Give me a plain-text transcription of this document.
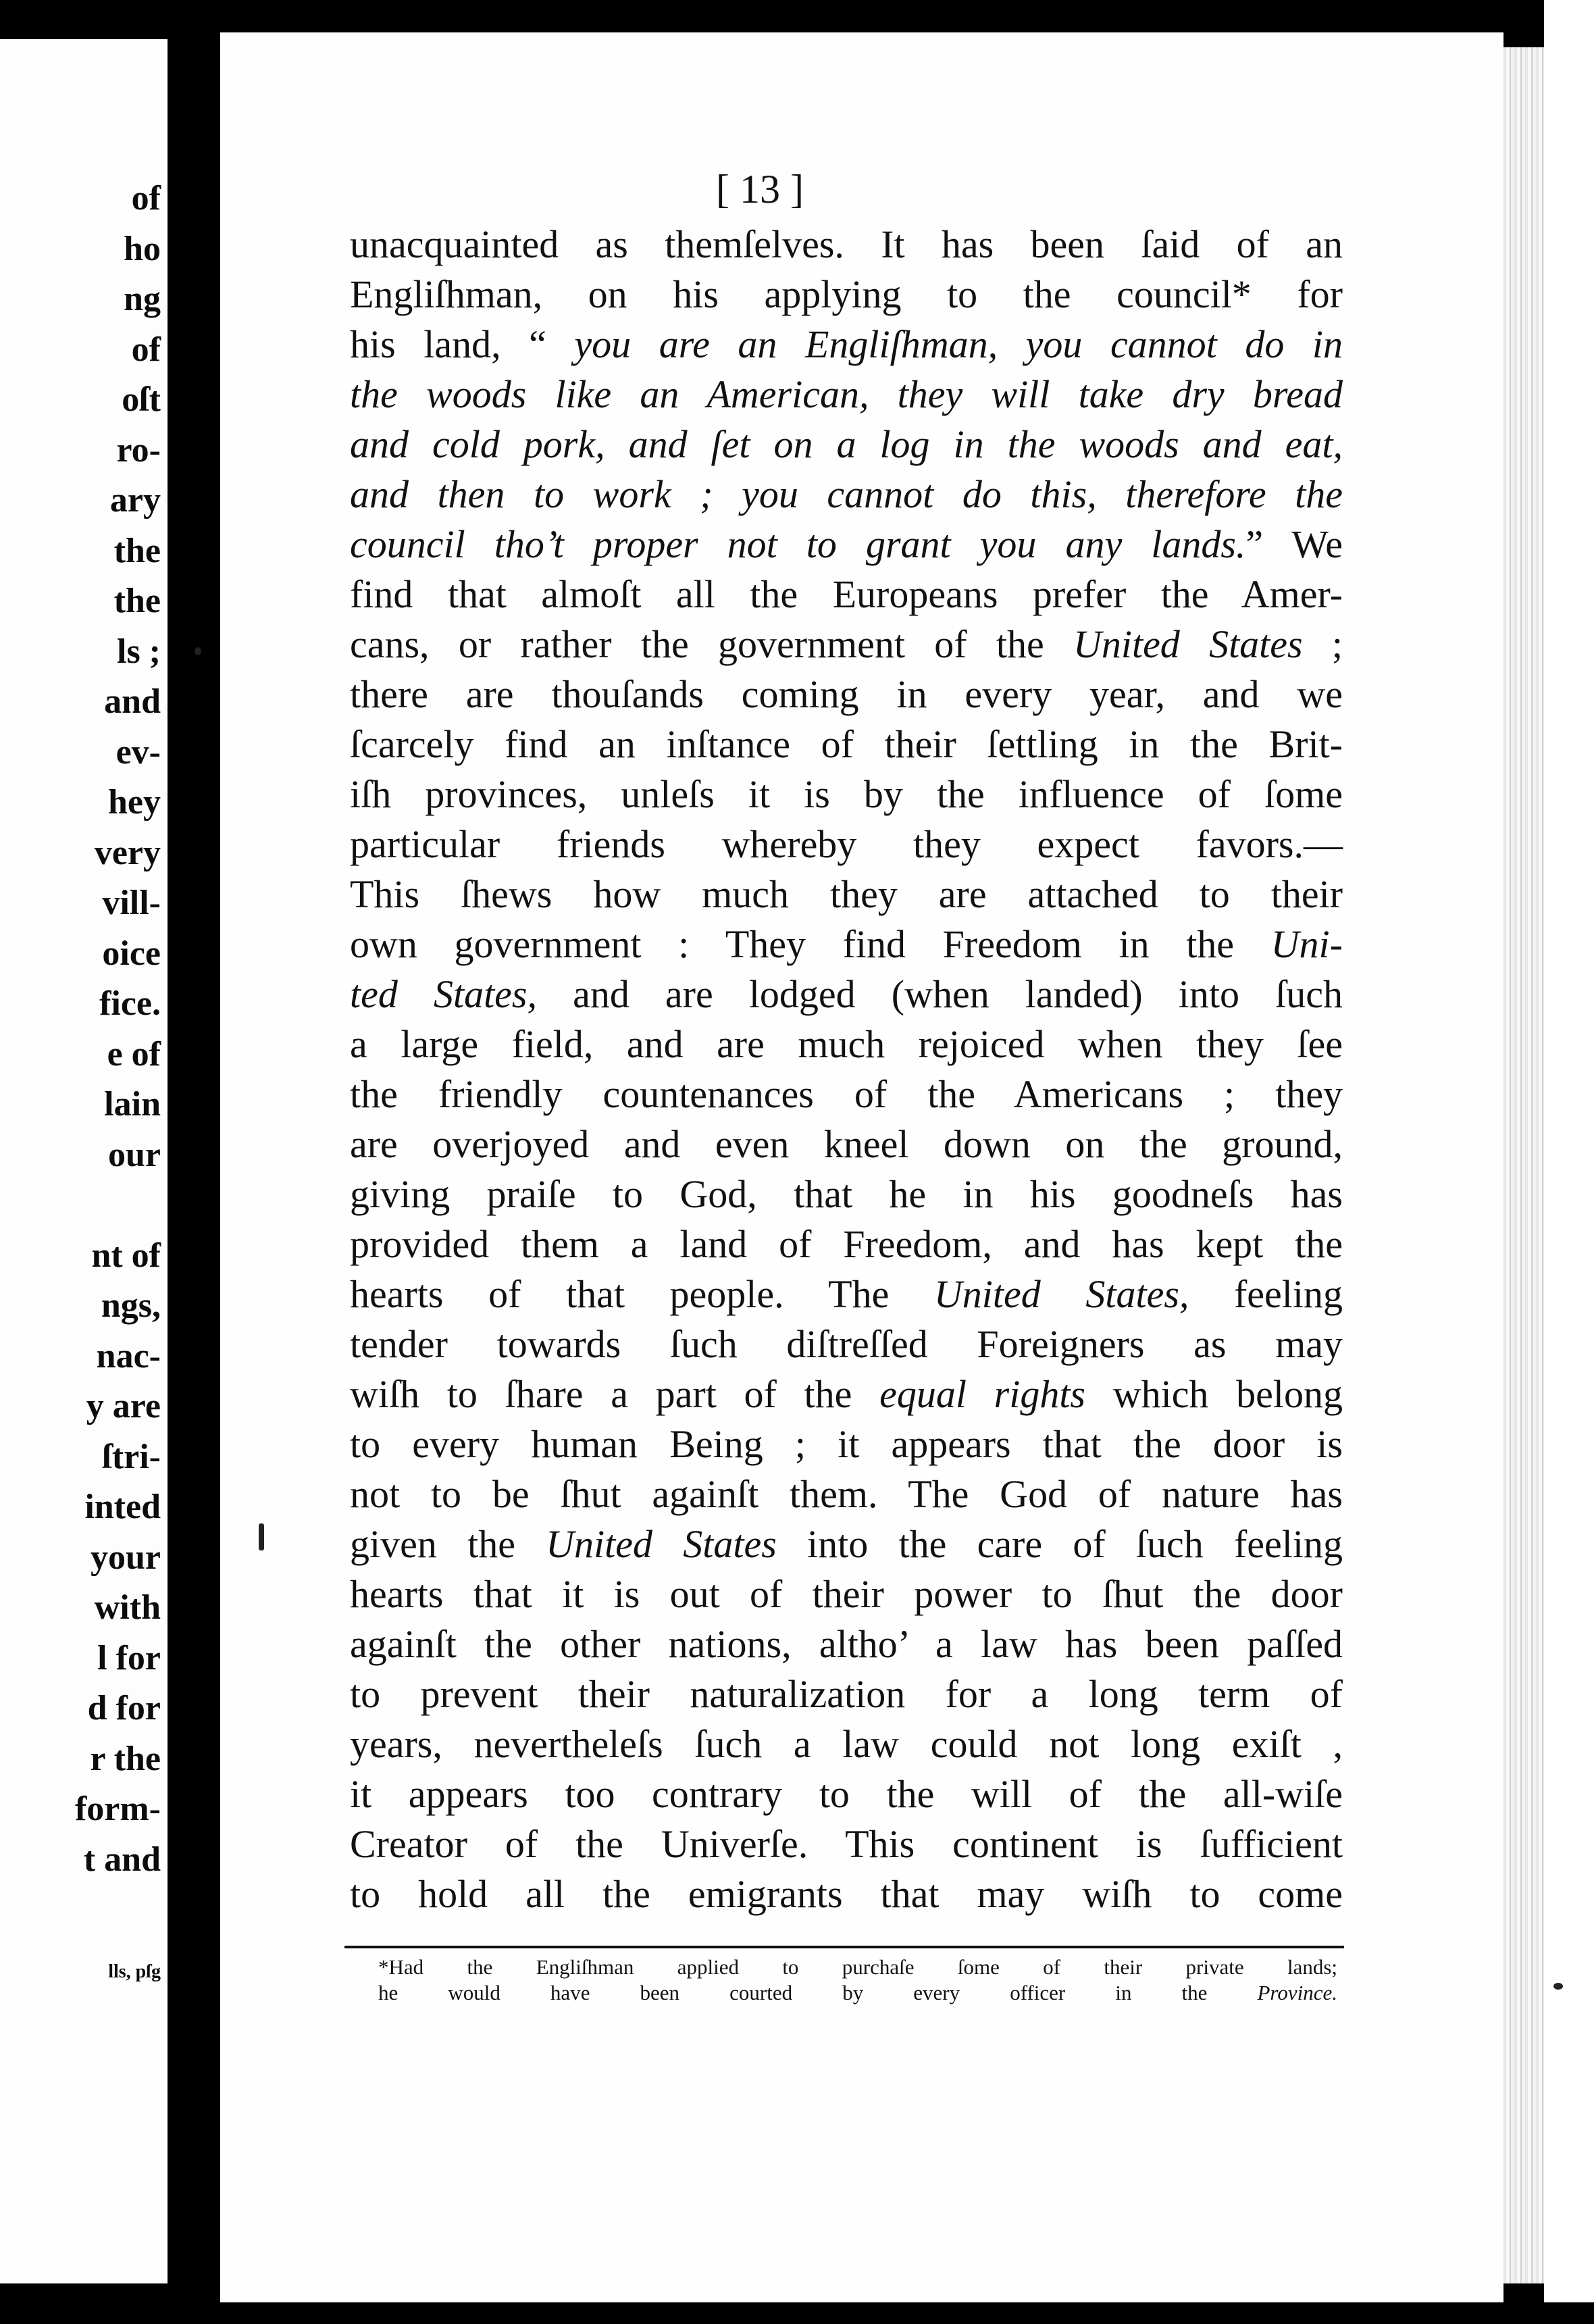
of
ho
ng
of
oſt
ro-
ary
the
the
ls ;
and
ev-
hey
very
vill-
oice
fice.
e of
lain
our
nt of
ngs,
nac-
y are
ſtri-
inted
your
with
l for
d for
r the
form-
t and
lls, pſg
[ 13 ]
unacquainted as themſelves. It has been ſaid of an
Engliſhman, on his applying to the council* for
his land, “ you are an Engliſhman, you cannot do in
the woods like an American, they will take dry bread
and cold pork, and ſet on a log in the woods and eat,
and then to work ; you cannot do this, therefore the
council tho’t proper not to grant you any lands.” We
find that almoſt all the Europeans prefer the Amer-
cans, or rather the government of the United States ;
there are thouſands coming in every year, and we
ſcarcely find an inſtance of their ſettling in the Brit-
iſh provinces, unleſs it is by the influence of ſome
particular friends whereby they expect favors.—
This ſhews how much they are attached to their
own government : They find Freedom in the Uni-
ted States, and are lodged (when landed) into ſuch
a large field, and are much rejoiced when they ſee
the friendly countenances of the Americans ; they
are overjoyed and even kneel down on the ground,
giving praiſe to God, that he in his goodneſs has
provided them a land of Freedom, and has kept the
hearts of that people. The United States, feeling
tender towards ſuch diſtreſſed Foreigners as may
wiſh to ſhare a part of the equal rights which belong
to every human Being ; it appears that the door is
not to be ſhut againſt them. The God of nature has
given the United States into the care of ſuch feeling
hearts that it is out of their power to ſhut the door
againſt the other nations, altho’ a law has been paſſed
to prevent their naturalization for a long term of
years, nevertheleſs ſuch a law could not long exiſt ,
it appears too contrary to the will of the all-wiſe
Creator of the Univerſe. This continent is ſufficient
to hold all the emigrants that may wiſh to come
*Had the Engliſhman applied to purchaſe ſome of their private lands;
he would have been courted by every officer in the Province.
